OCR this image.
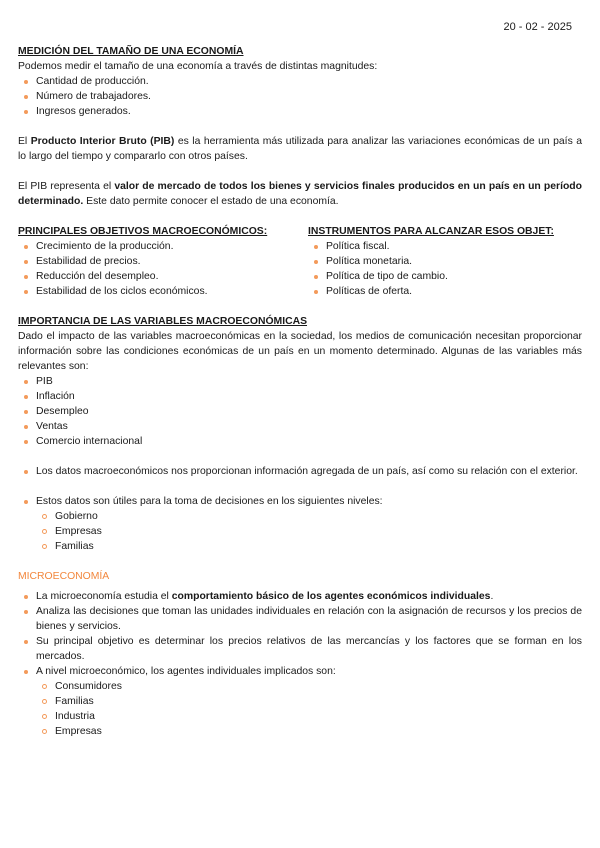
20 - 02 - 2025
MEDICIÓN DEL TAMAÑO DE UNA ECONOMÍA

Podemos medir el tamaño de una economía a través de distintas magnitudes:

Cantidad de producción.
Número de trabajadores.
Ingresos generados.

El Producto Interior Bruto (PIB) es la herramienta más utilizada para analizar las variaciones económicas de un país a lo largo del tiempo y compararlo con otros países.

El PIB representa el valor de mercado de todos los bienes y servicios finales producidos en un país en un período determinado. Este dato permite conocer el estado de una economía.

PRINCIPALES OBJETIVOS MACROECONÓMICOS:
Crecimiento de la producción.
Estabilidad de precios.
Reducción del desempleo.
Estabilidad de los ciclos económicos.
INSTRUMENTOS PARA ALCANZAR ESOS OBJET:
Política fiscal.
Política monetaria.
Política de tipo de cambio.
Políticas de oferta.
IMPORTANCIA DE LAS VARIABLES MACROECONÓMICAS

Dado el impacto de las variables macroeconómicas en la sociedad, los medios de comunicación necesitan proporcionar información sobre las condiciones económicas de un país en un momento determinado. Algunas de las variables más relevantes son:

PIB
Inflación
Desempleo
Ventas
Comercio internacional
Los datos macroeconómicos nos proporcionan información agregada de un país, así como su relación con el exterior.
Estos datos son útiles para la toma de decisiones en los siguientes niveles:
Gobierno
Empresas
Familias
MICROECONOMÍA
La microeconomía estudia el comportamiento básico de los agentes económicos individuales.
Analiza las decisiones que toman las unidades individuales en relación con la asignación de recursos y los precios de bienes y servicios.
Su principal objetivo es determinar los precios relativos de las mercancías y los factores que se forman en los mercados.
A nivel microeconómico, los agentes individuales implicados son:
Consumidores
Familias
Industria
Empresas
